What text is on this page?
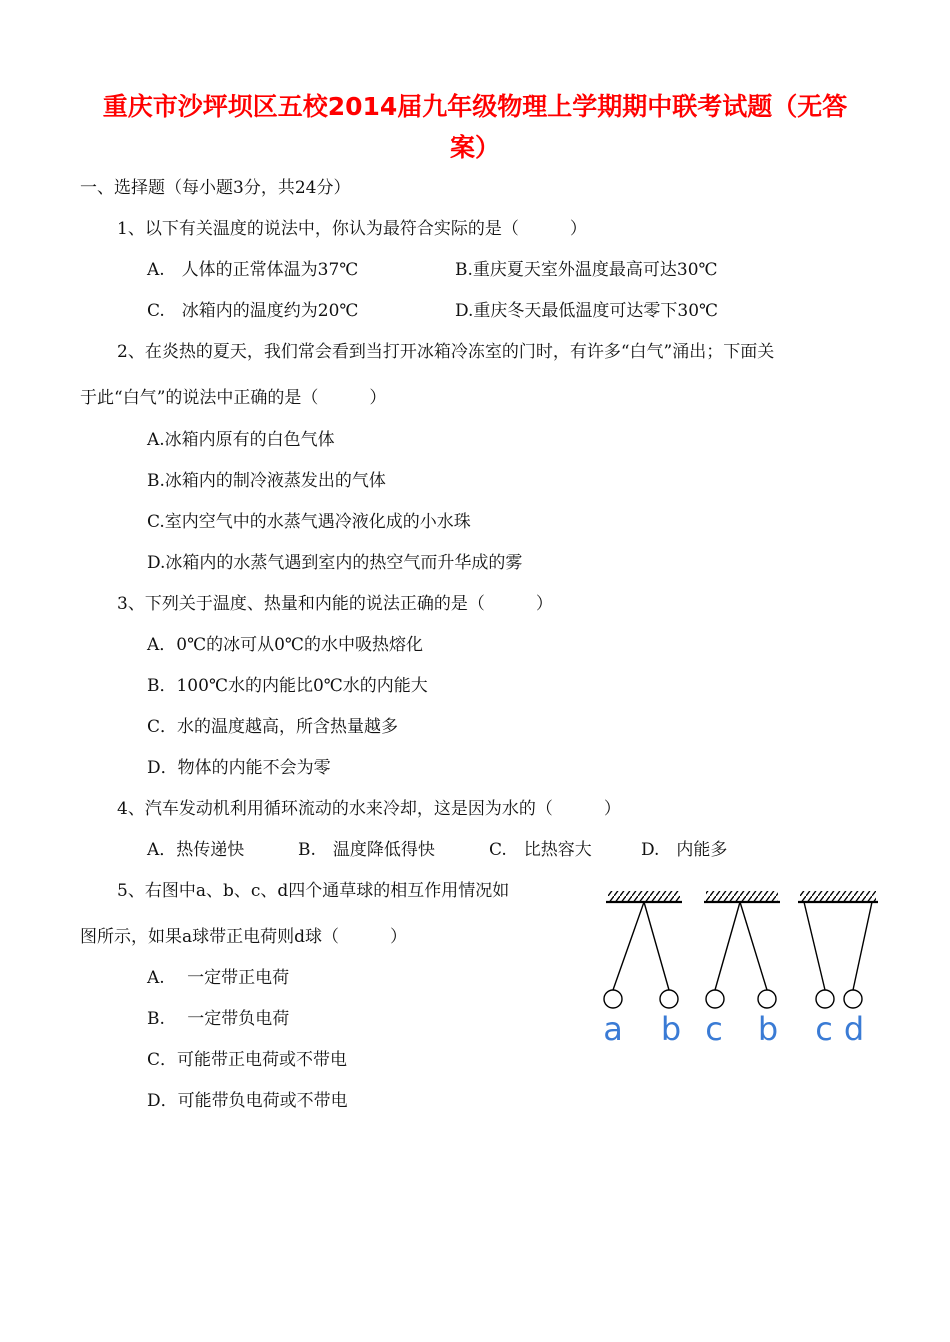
重庆市沙坪坝区五校2014届九年级物理上学期期中联考试题（无答
案）
一、选择题（每小题3分，共24分）
1、以下有关温度的说法中，你认为最符合实际的是（　　　）
A.　人体的正常体温为37℃	B.重庆夏天室外温度最高可达30℃
C.　冰箱内的温度约为20℃	D.重庆冬天最低温度可达零下30℃
2、在炎热的夏天，我们常会看到当打开冰箱冷冻室的门时，有许多“白气”涌出；下面关
于此“白气”的说法中正确的是（　　　）
A.冰箱内原有的白色气体
B.冰箱内的制冷液蒸发出的气体
C.室内空气中的水蒸气遇冷液化成的小水珠
D.冰箱内的水蒸气遇到室内的热空气而升华成的雾
3、下列关于温度、热量和内能的说法正确的是（　　　）
A．0℃的冰可从0℃的水中吸热熔化
B．100℃水的内能比0℃水的内能大
C．水的温度越高，所含热量越多
D．物体的内能不会为零
4、汽车发动机利用循环流动的水来冷却，这是因为水的（　　　）
A．热传递快	B.　温度降低得快	C.　比热容大	D.　内能多
5、右图中a、b、c、d四个通草球的相互作用情况如
图所示，如果a球带正电荷则d球（　　　）
A.　 一定带正电荷
B.　 一定带负电荷
C．可能带正电荷或不带电
D．可能带负电荷或不带电
a b c b c d
